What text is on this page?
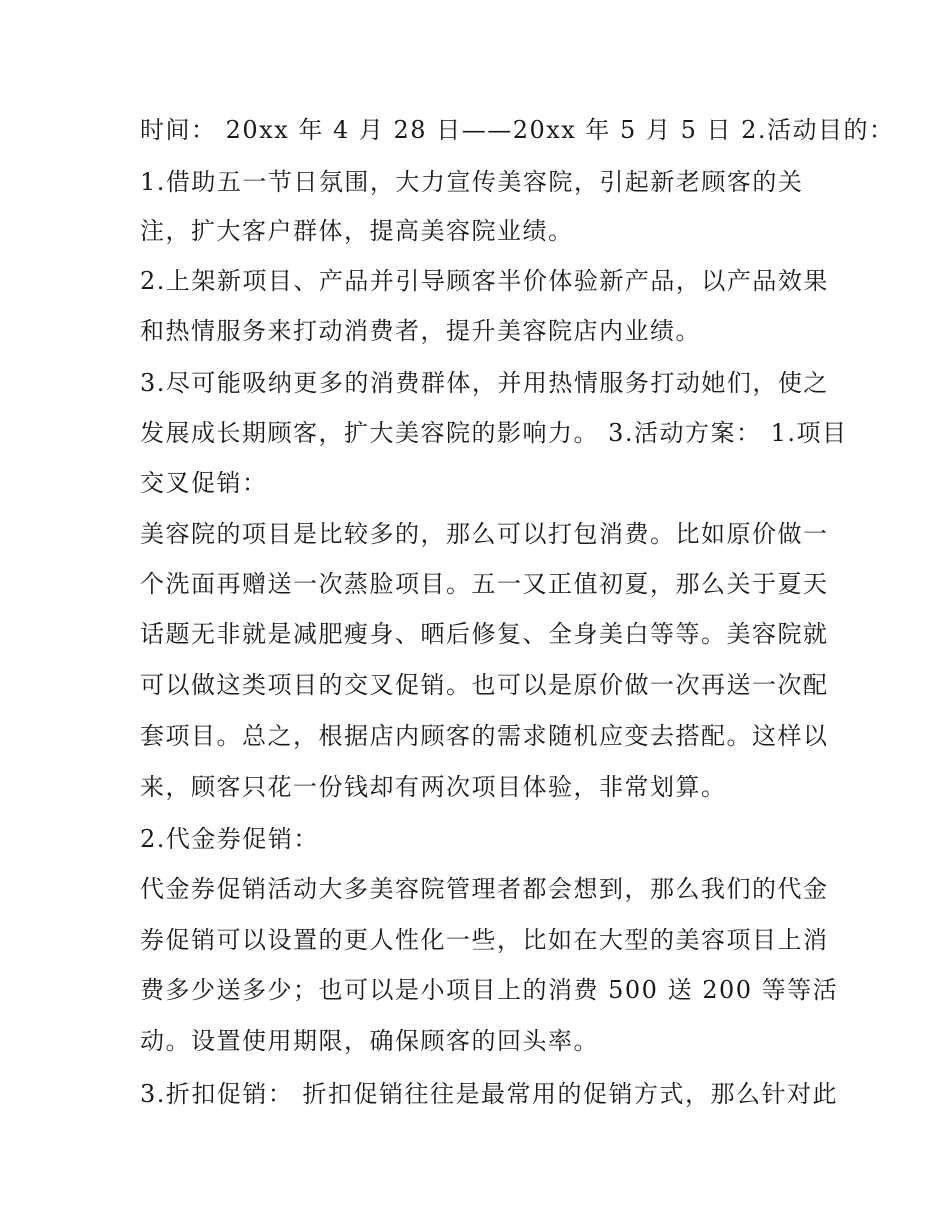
时间： 20xx 年 4 月 28 日——20xx 年 5 月 5 日 2.活动目的：
1.借助五一节日氛围，大力宣传美容院，引起新老顾客的关
注，扩大客户群体，提高美容院业绩。
2.上架新项目、产品并引导顾客半价体验新产品，以产品效果
和热情服务来打动消费者，提升美容院店内业绩。
3.尽可能吸纳更多的消费群体，并用热情服务打动她们，使之
发展成长期顾客，扩大美容院的影响力。 3.活动方案： 1.项目
交叉促销：
美容院的项目是比较多的，那么可以打包消费。比如原价做一
个洗面再赠送一次蒸脸项目。五一又正值初夏，那么关于夏天
话题无非就是减肥瘦身、晒后修复、全身美白等等。美容院就
可以做这类项目的交叉促销。也可以是原价做一次再送一次配
套项目。总之，根据店内顾客的需求随机应变去搭配。这样以
来，顾客只花一份钱却有两次项目体验，非常划算。
2.代金券促销：
代金券促销活动大多美容院管理者都会想到，那么我们的代金
券促销可以设置的更人性化一些，比如在大型的美容项目上消
费多少送多少；也可以是小项目上的消费 500 送 200 等等活
动。设置使用期限，确保顾客的回头率。
3.折扣促销： 折扣促销往往是最常用的促销方式，那么针对此
